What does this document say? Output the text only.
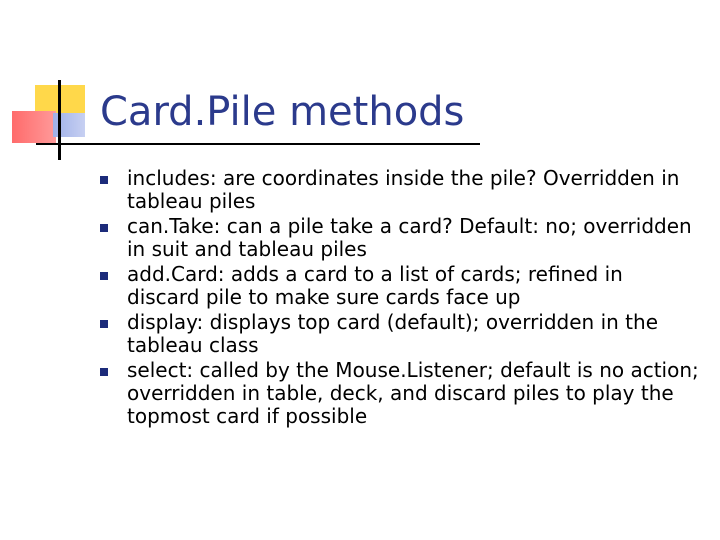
Card.Pile methods
includes: are coordinates inside the pile? Overridden in tableau piles
can.Take: can a pile take a card? Default: no; overridden in suit and tableau piles
add.Card: adds a card to a list of cards; refined in discard pile to make sure cards face up
display: displays top card (default); overridden in the tableau class
select: called by the Mouse.Listener; default is no action; overridden in table, deck, and discard piles to play the topmost card if possible
